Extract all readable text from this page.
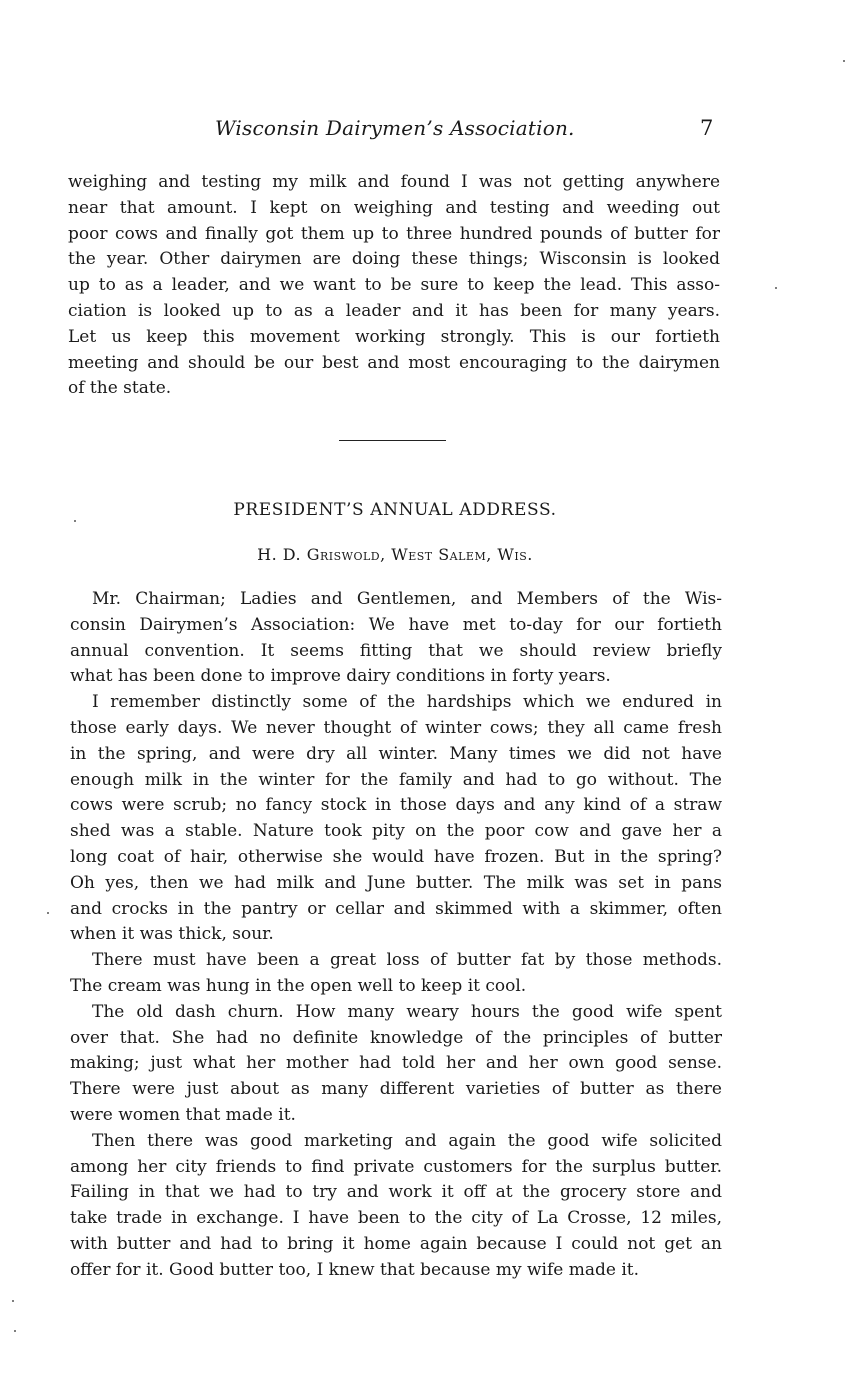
Wisconsin Dairymen’s Association.	7
weighing and testing my milk and found I was not getting anywhere
near that amount. I kept on weighing and testing and weeding out
poor cows and finally got them up to three hundred pounds of butter for
the year. Other dairymen are doing these things; Wisconsin is looked
up to as a leader, and we want to be sure to keep the lead. This asso-
ciation is looked up to as a leader and it has been for many years.
Let us keep this movement working strongly. This is our fortieth
meeting and should be our best and most encouraging to the dairymen
of the state.
PRESIDENT’S ANNUAL ADDRESS.
H. D. Griswold, West Salem, Wis.
Mr. Chairman; Ladies and Gentlemen, and Members of the Wis-
consin Dairymen’s Association: We have met to-day for our fortieth
annual convention. It seems fitting that we should review briefly
what has been done to improve dairy conditions in forty years.
I remember distinctly some of the hardships which we endured in
those early days. We never thought of winter cows; they all came fresh
in the spring, and were dry all winter. Many times we did not have
enough milk in the winter for the family and had to go without. The
cows were scrub; no fancy stock in those days and any kind of a straw
shed was a stable. Nature took pity on the poor cow and gave her a
long coat of hair, otherwise she would have frozen. But in the spring?
Oh yes, then we had milk and June butter. The milk was set in pans
and crocks in the pantry or cellar and skimmed with a skimmer, often
when it was thick, sour.
There must have been a great loss of butter fat by those methods.
The cream was hung in the open well to keep it cool.
The old dash churn. How many weary hours the good wife spent
over that. She had no definite knowledge of the principles of butter
making; just what her mother had told her and her own good sense.
There were just about as many different varieties of butter as there
were women that made it.
Then there was good marketing and again the good wife solicited
among her city friends to find private customers for the surplus butter.
Failing in that we had to try and work it off at the grocery store and
take trade in exchange. I have been to the city of La Crosse, 12 miles,
with butter and had to bring it home again because I could not get an
offer for it. Good butter too, I knew that because my wife made it.
